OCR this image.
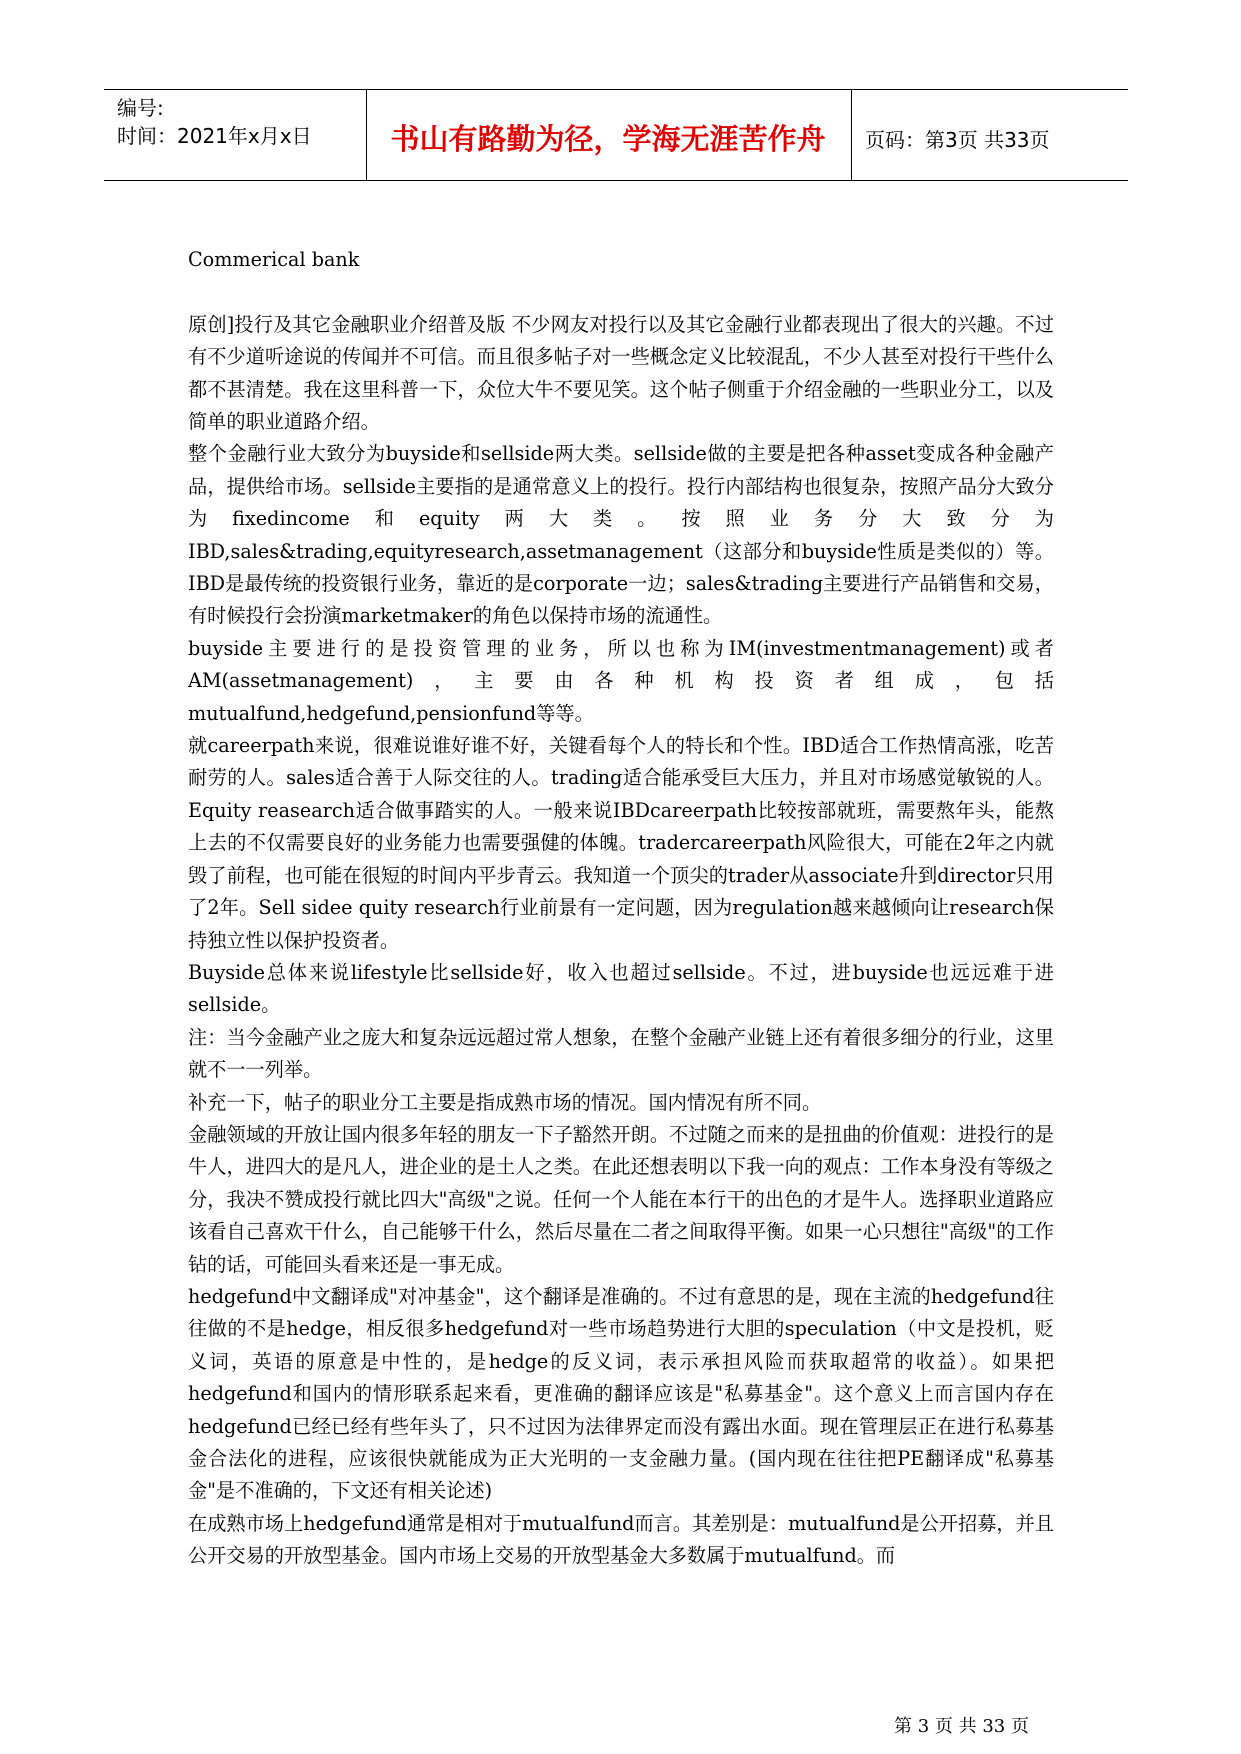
编号:
时间：2021年x月x日	书山有路勤为径，学海无涯苦作舟	页码：第3页 共33页

Commerical bank

原创]投行及其它金融职业介绍普及版 不少网友对投行以及其它金融行业都表现出了很大的兴趣。不过有不少道听途说的传闻并不可信。而且很多帖子对一些概念定义比较混乱，不少人甚至对投行干些什么都不甚清楚。我在这里科普一下，众位大牛不要见笑。这个帖子侧重于介绍金融的一些职业分工，以及简单的职业道路介绍。

整个金融行业大致分为buyside和sellside两大类。sellside做的主要是把各种asset变成各种金融产品，提供给市场。sellside主要指的是通常意义上的投行。投行内部结构也很复杂，按照产品分大致分为fixedincome和equity两大类。按照业务分大致分为IBD,sales&trading,equityresearch,assetmanagement（这部分和buyside性质是类似的）等。IBD是最传统的投资银行业务，靠近的是corporate一边；sales&trading主要进行产品销售和交易，有时候投行会扮演marketmaker的角色以保持市场的流通性。

buyside主要进行的是投资管理的业务，所以也称为IM(investmentmanagement)或者AM(assetmanagement)，主要由各种机构投资者组成，包括mutualfund,hedgefund,pensionfund等等。

就careerpath来说，很难说谁好谁不好，关键看每个人的特长和个性。IBD适合工作热情高涨，吃苦耐劳的人。sales适合善于人际交往的人。trading适合能承受巨大压力，并且对市场感觉敏锐的人。Equity reasearch适合做事踏实的人。一般来说IBDcareerpath比较按部就班，需要熬年头，能熬上去的不仅需要良好的业务能力也需要强健的体魄。tradercareerpath风险很大，可能在2年之内就毁了前程，也可能在很短的时间内平步青云。我知道一个顶尖的trader从associate升到director只用了2年。Sell sidee quity research行业前景有一定问题，因为regulation越来越倾向让research保持独立性以保护投资者。

Buyside总体来说lifestyle比sellside好，收入也超过sellside。不过，进buyside也远远难于进sellside。

注：当今金融产业之庞大和复杂远远超过常人想象，在整个金融产业链上还有着很多细分的行业，这里就不一一列举。

补充一下，帖子的职业分工主要是指成熟市场的情况。国内情况有所不同。

金融领域的开放让国内很多年轻的朋友一下子豁然开朗。不过随之而来的是扭曲的价值观：进投行的是牛人，进四大的是凡人，进企业的是土人之类。在此还想表明以下我一向的观点：工作本身没有等级之分，我决不赞成投行就比四大"高级"之说。任何一个人能在本行干的出色的才是牛人。选择职业道路应该看自己喜欢干什么，自己能够干什么，然后尽量在二者之间取得平衡。如果一心只想往"高级"的工作钻的话，可能回头看来还是一事无成。

hedgefund中文翻译成"对冲基金"，这个翻译是准确的。不过有意思的是，现在主流的hedgefund往往做的不是hedge，相反很多hedgefund对一些市场趋势进行大胆的speculation（中文是投机，贬义词，英语的原意是中性的，是hedge的反义词，表示承担风险而获取超常的收益）。如果把hedgefund和国内的情形联系起来看，更准确的翻译应该是"私募基金"。这个意义上而言国内存在hedgefund已经已经有些年头了，只不过因为法律界定而没有露出水面。现在管理层正在进行私募基金合法化的进程，应该很快就能成为正大光明的一支金融力量。(国内现在往往把PE翻译成"私募基金"是不准确的，下文还有相关论述)

在成熟市场上hedgefund通常是相对于mutualfund而言。其差别是：mutualfund是公开招募，并且公开交易的开放型基金。国内市场上交易的开放型基金大多数属于mutualfund。而

第 3 页 共 33 页
